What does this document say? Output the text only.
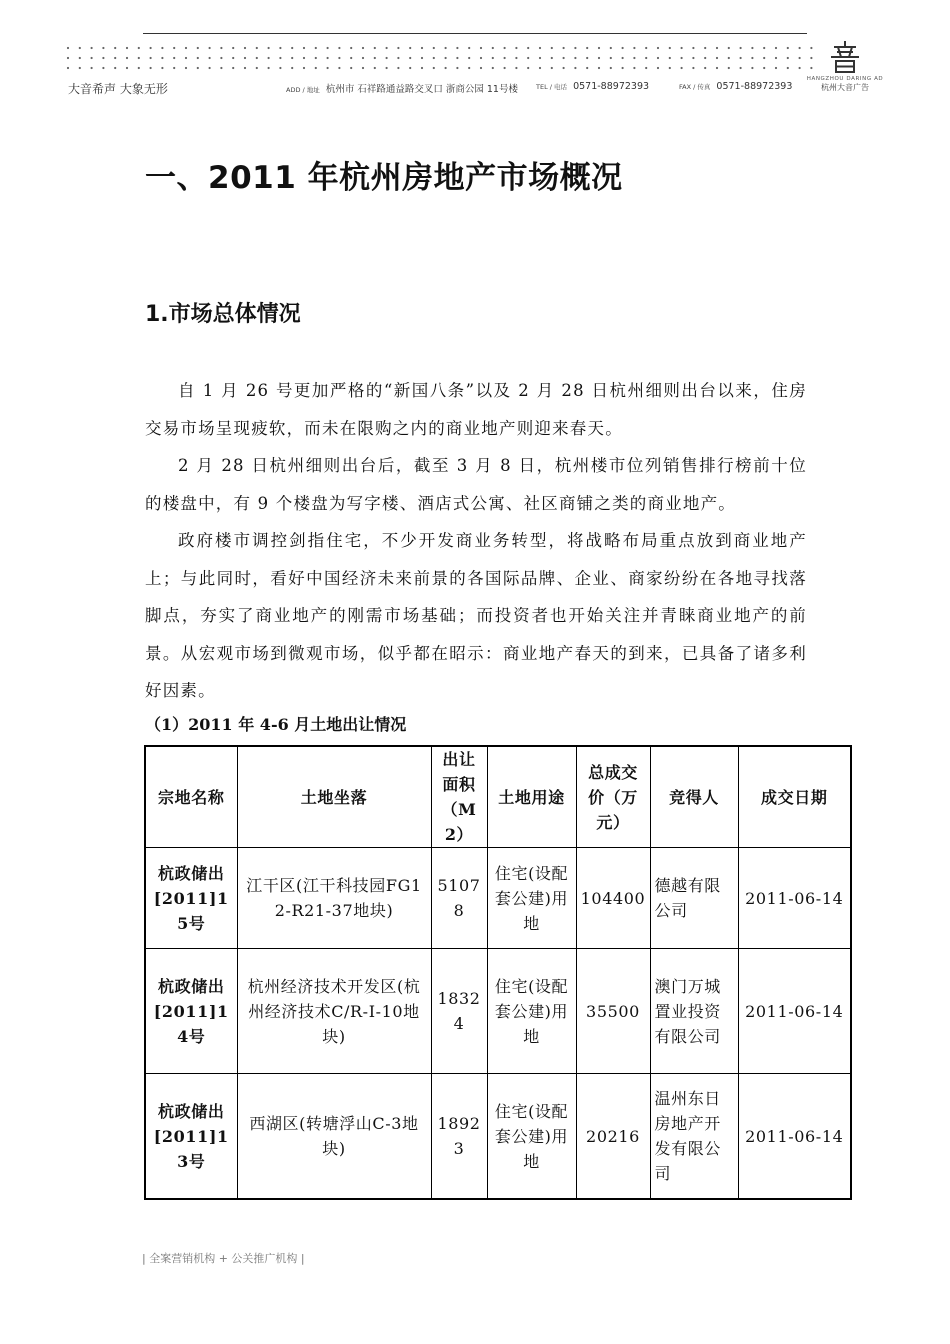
大音希声 大象无形	ADD / 地址 杭州市 石祥路通益路交叉口 浙商公园 11号楼	TEL / 电话 0571-88972393	FAX / 传真 0571-88972393
HANGZHOU DARING AD
杭州大音广告
一、2011 年杭州房地产市场概况
1.市场总体情况

自 1 月 26 号更加严格的“新国八条”以及 2 月 28 日杭州细则出台以来，住房交易市场呈现疲软，而未在限购之内的商业地产则迎来春天。

2 月 28 日杭州细则出台后，截至 3 月 8 日，杭州楼市位列销售排行榜前十位的楼盘中，有 9 个楼盘为写字楼、酒店式公寓、社区商铺之类的商业地产。

政府楼市调控剑指住宅，不少开发商业务转型，将战略布局重点放到商业地产上；与此同时，看好中国经济未来前景的各国际品牌、企业、商家纷纷在各地寻找落脚点，夯实了商业地产的刚需市场基础；而投资者也开始关注并青睐商业地产的前景。从宏观市场到微观市场，似乎都在昭示：商业地产春天的到来，已具备了诸多利好因素。

（1）2011 年 4-6 月土地出让情况
宗地名称	土地坐落	出让面积（M2）	土地用途	总成交价（万元）	竞得人	成交日期
杭政储出[2011]15号	江干区(江干科技园FG12-R21-37地块)	51078	住宅(设配套公建)用地	104400	德越有限公司	2011-06-14
杭政储出[2011]14号	杭州经济技术开发区(杭州经济技术C/R-I-10地块)	18324	住宅(设配套公建)用地	35500	澳门万城置业投资有限公司	2011-06-14
杭政储出[2011]13号	西湖区(转塘浮山C-3地块)	18923	住宅(设配套公建)用地	20216	温州东日房地产开发有限公司	2011-06-14
| 全案营销机构 + 公关推广机构 |
